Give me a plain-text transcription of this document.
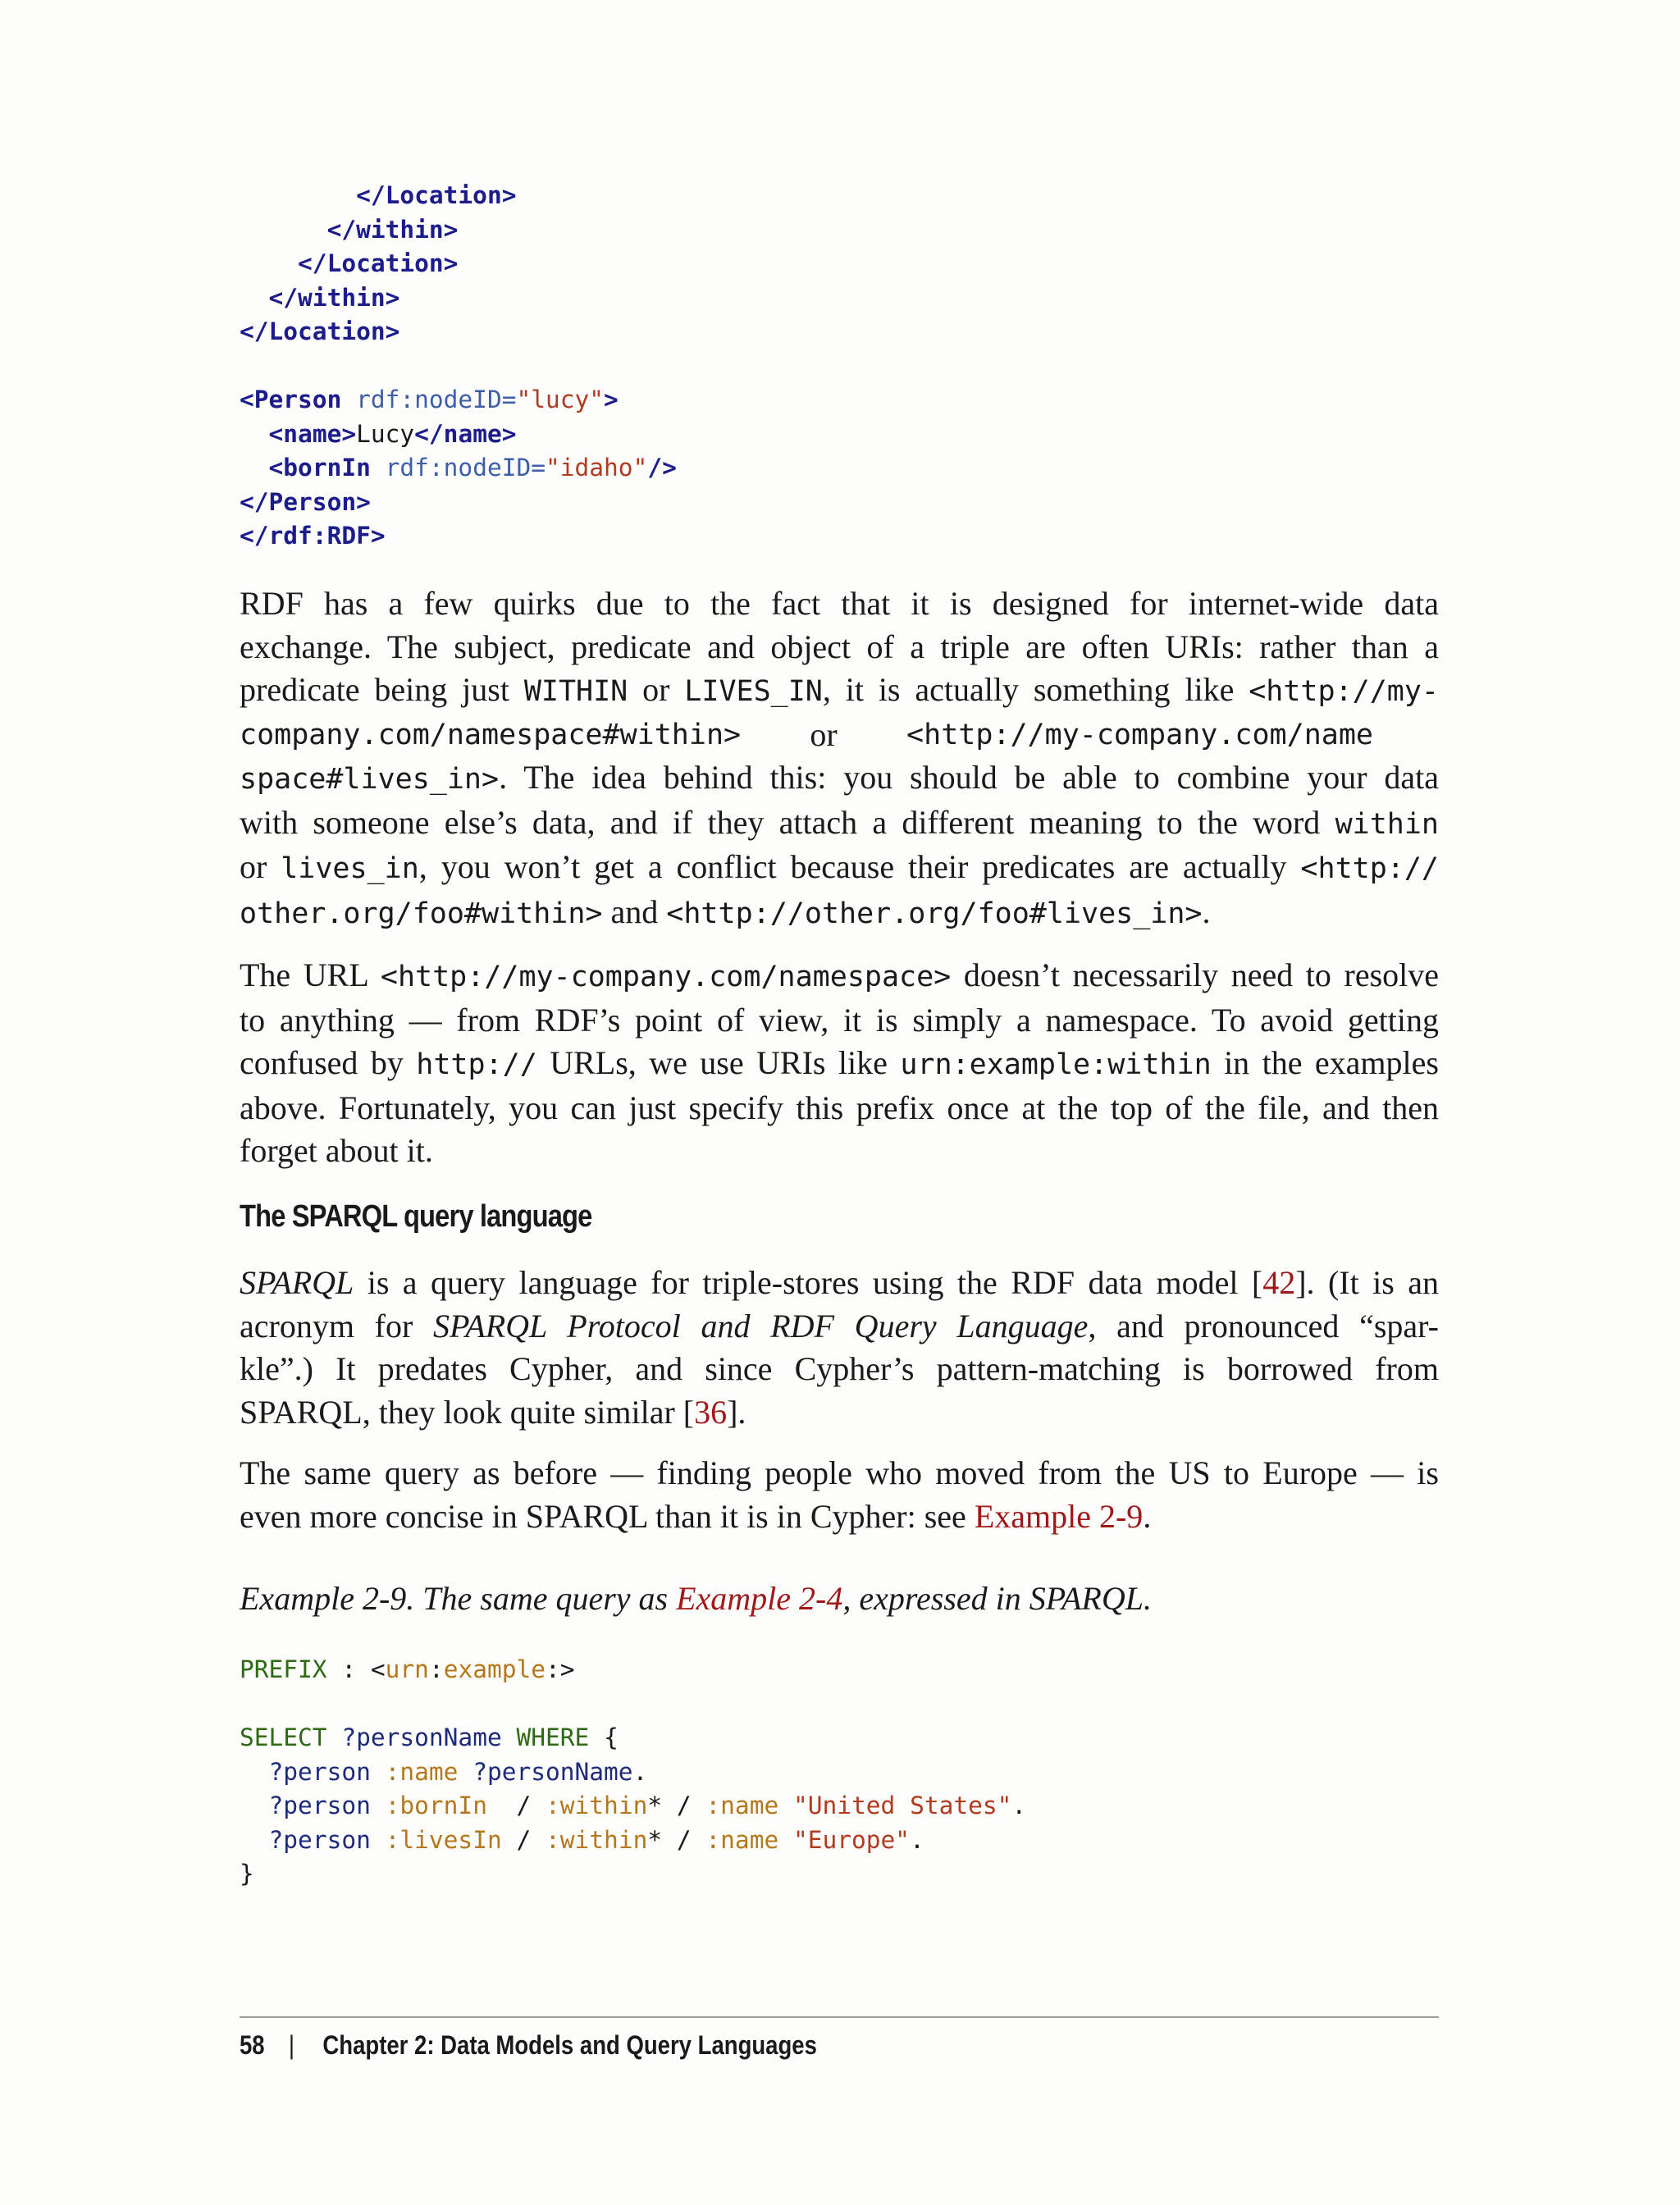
</Location>
</within>
</Location>
</within>
</Location>

<Person rdf:nodeID="lucy">
<name>Lucy</name>
<bornIn rdf:nodeID="idaho"/>
</Person>
</rdf:RDF>
RDF has a few quirks due to the fact that it is designed for internet-wide data
exchange. The subject, predicate and object of a triple are often URIs: rather than a
predicate being just WITHIN or LIVES_IN, it is actually something like <http://my-
company.com/namespace#within> or <http://my-company.com/name
space#lives_in>. The idea behind this: you should be able to combine your data
with someone else’s data, and if they attach a different meaning to the word within
or lives_in, you won’t get a conflict because their predicates are actually <http://
other.org/foo#within> and <http://other.org/foo#lives_in>.
The URL <http://my-company.com/namespace> doesn’t necessarily need to resolve
to anything — from RDF’s point of view, it is simply a namespace. To avoid getting
confused by http:// URLs, we use URIs like urn:example:within in the examples
above. Fortunately, you can just specify this prefix once at the top of the file, and then
forget about it.
The SPARQL query language
SPARQL is a query language for triple-stores using the RDF data model [42]. (It is an
acronym for SPARQL Protocol and RDF Query Language, and pronounced “spar-
kle”.) It predates Cypher, and since Cypher’s pattern-matching is borrowed from
SPARQL, they look quite similar [36].
The same query as before — finding people who moved from the US to Europe — is
even more concise in SPARQL than it is in Cypher: see Example 2-9.

Example 2-9. The same query as Example 2-4, expressed in SPARQL.

PREFIX : <urn:example:>

SELECT ?personName WHERE {
?person :name ?personName.
?person :bornIn / :within* / :name "United States".
?person :livesIn / :within* / :name "Europe".
}

58 | Chapter 2: Data Models and Query Languages
